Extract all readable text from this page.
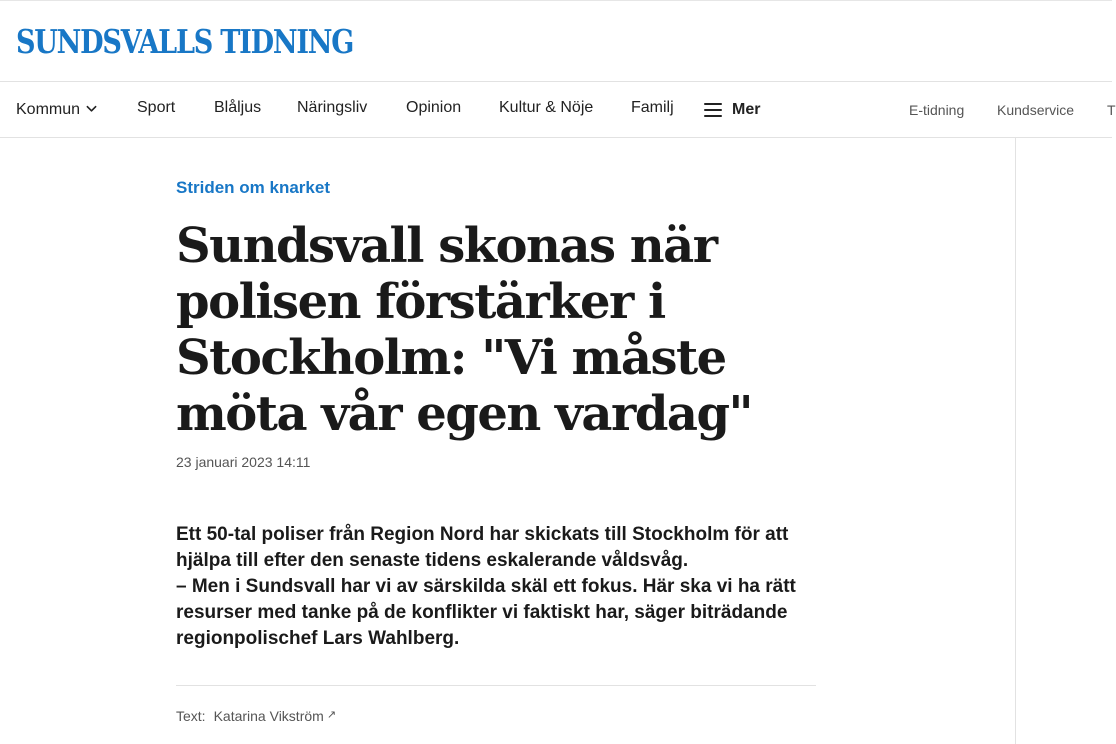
SUNDSVALLS TIDNING
Kommun	Sport Blåljus Näringsliv Opinion Kultur & Nöje Familj	Mer	E-tidning Kundservice T
Striden om knarket
Sundsvall skonas när polisen förstärker i Stockholm: "Vi måste möta vår egen vardag"
23 januari 2023 14:11

Ett 50-tal poliser från Region Nord har skickats till Stockholm för att hjälpa till efter den senaste tidens eskalerande våldsvåg.

– Men i Sundsvall har vi av särskilda skäl ett fokus. Här ska vi ha rätt resurser med tanke på de konflikter vi faktiskt har, säger biträdande regionpolischef Lars Wahlberg.

Text: Katarina Vikström ↗
